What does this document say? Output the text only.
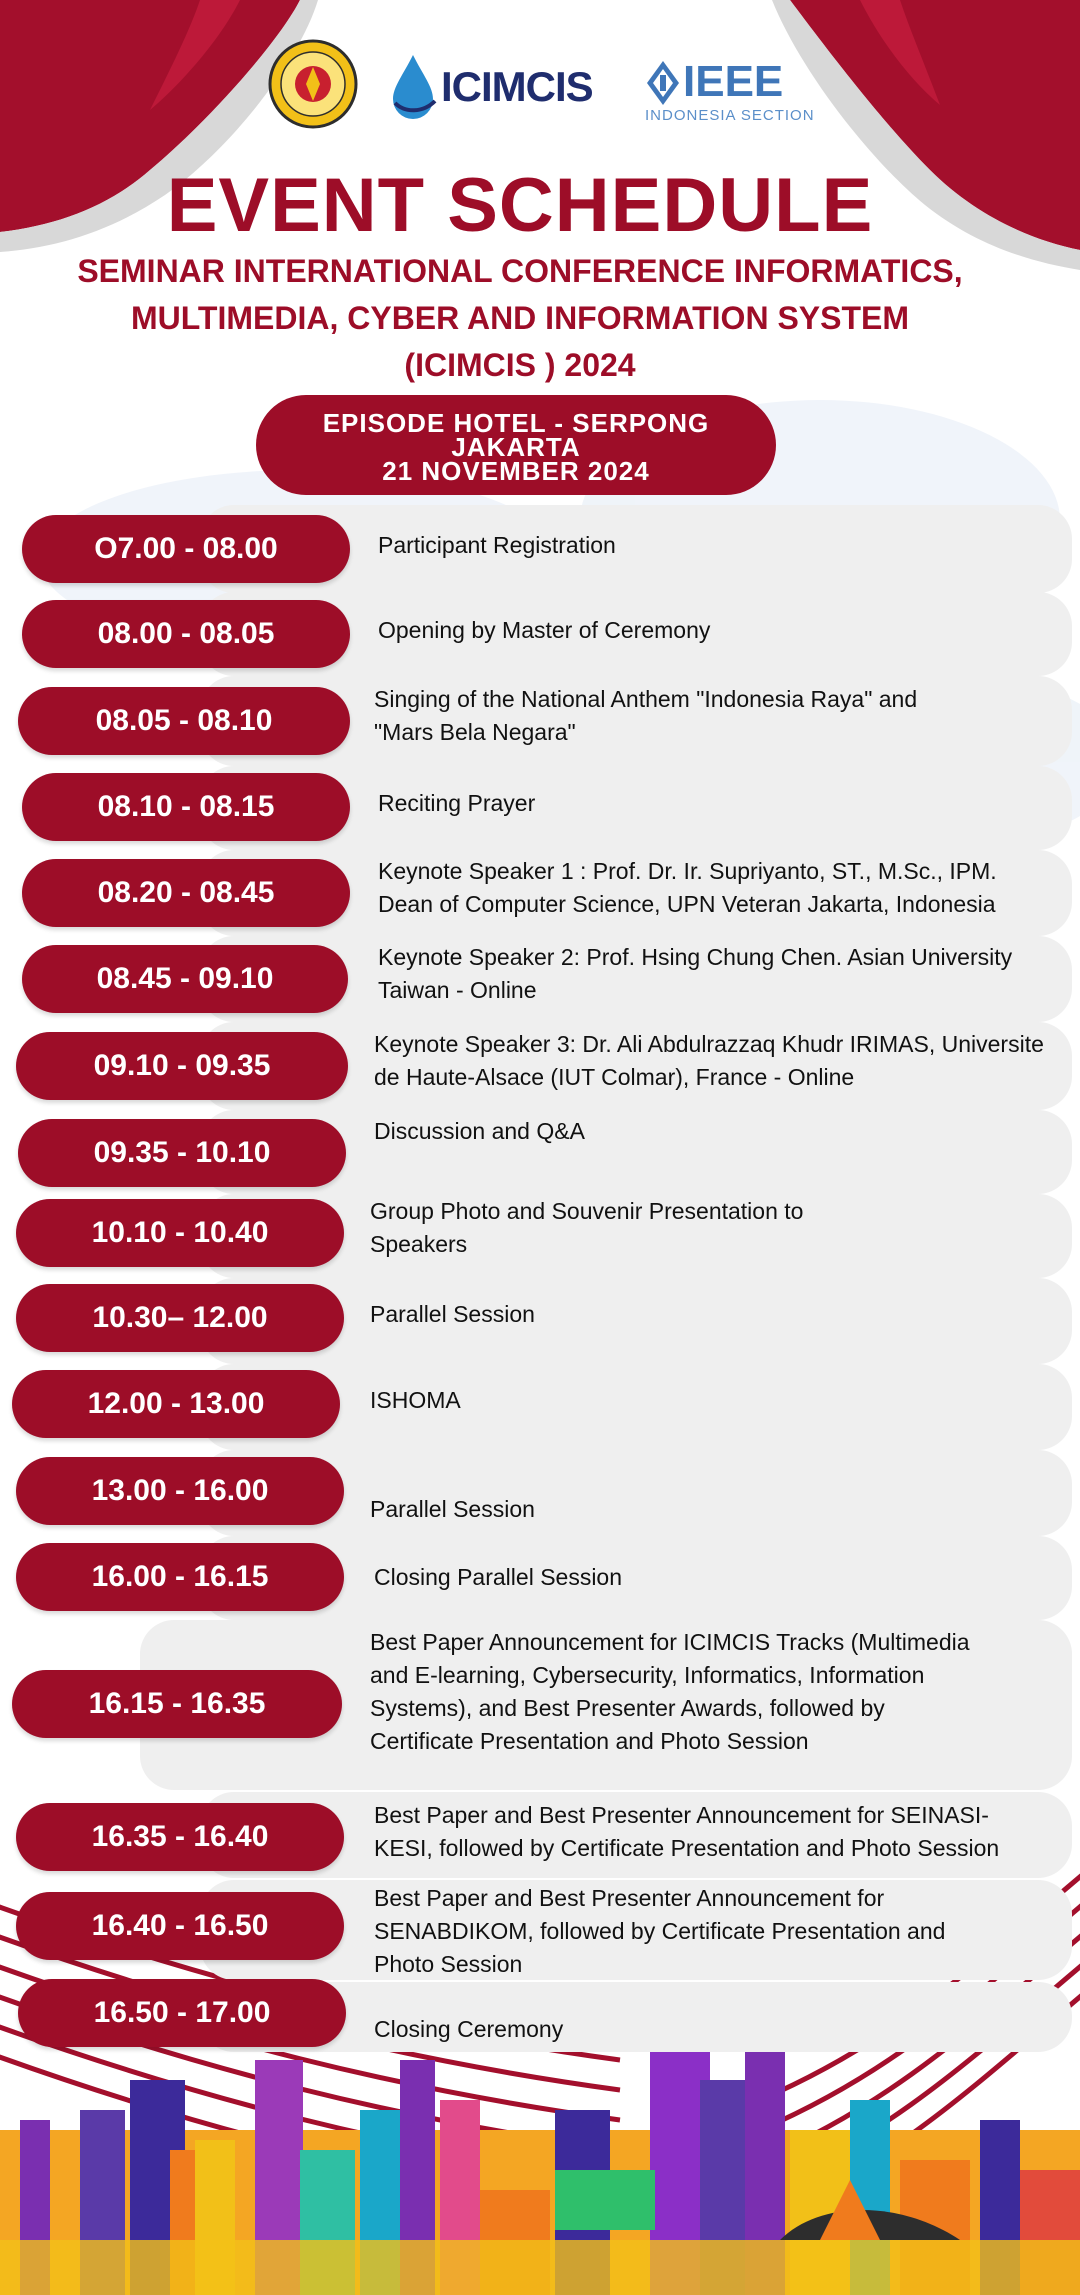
ICIMCIS IEEE
INDONESIA SECTION
EVENT SCHEDULE
SEMINAR INTERNATIONAL CONFERENCE INFORMATICS,
MULTIMEDIA, CYBER AND INFORMATION SYSTEM
(ICIMCIS ) 2024
EPISODE HOTEL - SERPONG
JAKARTA
21 NOVEMBER 2024
O7.00 - 08.00	Participant Registration
08.00 - 08.05	Opening by Master of Ceremony
08.05 - 08.10
Singing of the National Anthem "Indonesia Raya" and
"Mars Bela Negara"
08.10 - 08.15	Reciting Prayer
08.20 - 08.45
Keynote Speaker 1 : Prof. Dr. Ir. Supriyanto, ST., M.Sc., IPM.
Dean of Computer Science, UPN Veteran Jakarta, Indonesia
08.45 - 09.10
Keynote Speaker 2: Prof. Hsing Chung Chen. Asian University
Taiwan - Online
09.10 - 09.35
Keynote Speaker 3: Dr. Ali Abdulrazzaq Khudr IRIMAS, Universite
de Haute-Alsace (IUT Colmar), France - Online
09.35 - 10.10
Discussion and Q&A
10.10 - 10.40
Group Photo and Souvenir Presentation to
Speakers
10.30– 12.00	Parallel Session
12.00 - 13.00	ISHOMA
13.00 - 16.00
Parallel Session
16.00 - 16.15	Closing Parallel Session
16.15 - 16.35
Best Paper Announcement for ICIMCIS Tracks (Multimedia
and E-learning, Cybersecurity, Informatics, Information
Systems), and Best Presenter Awards, followed by
Certificate Presentation and Photo Session
16.35 - 16.40
Best Paper and Best Presenter Announcement for SEINASI-
KESI, followed by Certificate Presentation and Photo Session
16.40 - 16.50
Best Paper and Best Presenter Announcement for
SENABDIKOM, followed by Certificate Presentation and
Photo Session
16.50 - 17.00	Closing Ceremony
